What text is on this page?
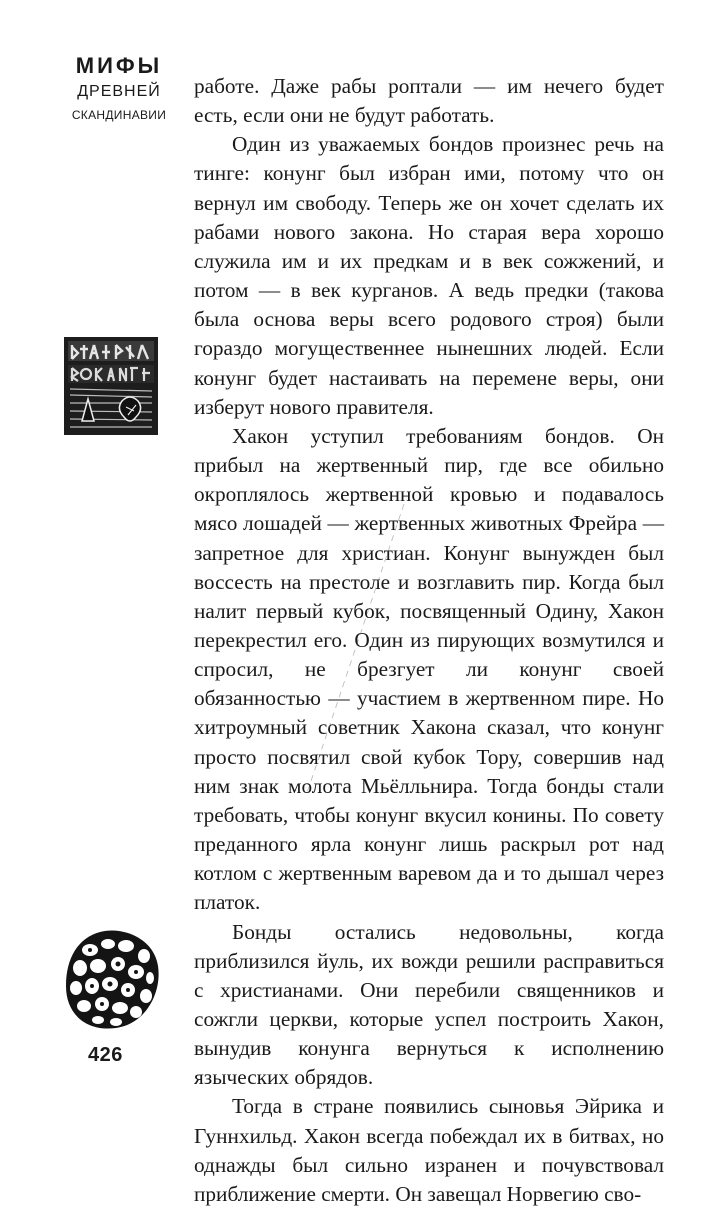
МИФЫ
ДРЕВНЕЙ
СКАНДИНАВИИ
426

работе. Даже рабы роптали — им нечего будет есть, если они не будут работать.

Один из уважаемых бондов произнес речь на тинге: конунг был избран ими, потому что он вернул им свободу. Теперь же он хочет сделать их рабами нового закона. Но старая вера хорошо служила им и их предкам и в век сожжений, и потом — в век курганов. А ведь предки (такова была основа веры всего родового строя) были гораздо могущественнее нынешних людей. Если конунг будет настаивать на перемене веры, они изберут нового правителя.

Хакон уступил требованиям бондов. Он прибыл на жертвенный пир, где все обильно окроплялось жертвенной кровью и подавалось мясо лошадей — жертвенных животных Фрейра — запретное для христиан. Конунг вынужден был воссесть на престоле и возглавить пир. Когда был налит первый кубок, посвященный Одину, Хакон перекрестил его. Один из пирующих возмутился и спросил, не брезгует ли конунг своей обязанностью — участием в жертвенном пире. Но хитроумный советник Хакона сказал, что конунг просто посвятил свой кубок Тору, совершив над ним знак молота Мьёлльнира. Тогда бонды стали требовать, чтобы конунг вкусил конины. По совету преданного ярла конунг лишь раскрыл рот над котлом с жертвенным варевом да и то дышал через платок.

Бонды остались недовольны, когда приблизился йуль, их вожди решили расправиться с христианами. Они перебили священников и сожгли церкви, которые успел построить Хакон, вынудив конунга вернуться к исполнению языческих обрядов.

Тогда в стране появились сыновья Эйрика и Гуннхильд. Хакон всегда побеждал их в битвах, но однажды был сильно изранен и почувствовал приближение смерти. Он завещал Норвегию сво-
